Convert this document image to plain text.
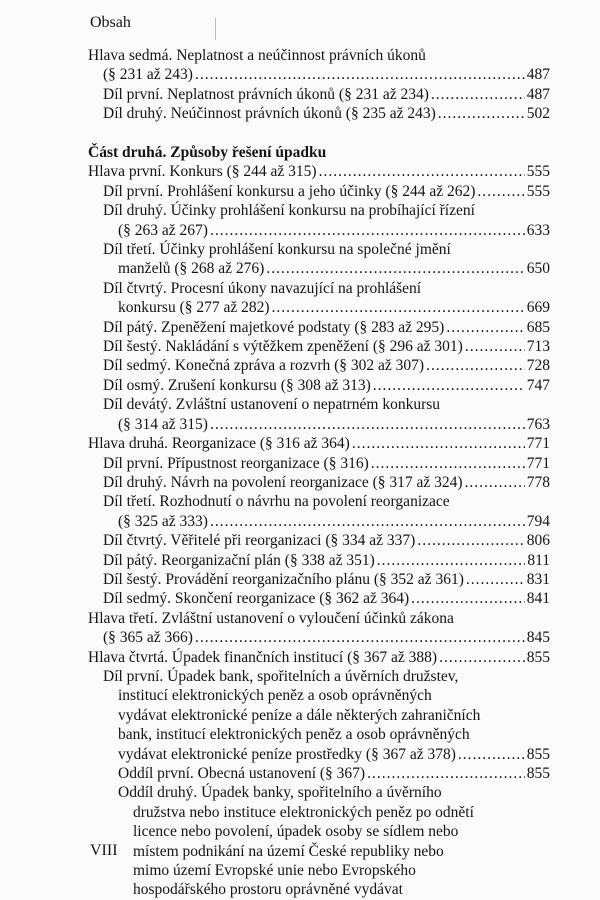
Obsah
Hlava sedmá. Neplatnost a neúčinnost právních úkonů
(§ 231 až 243) .....	487
Díl první. Neplatnost právních úkonů (§ 231 až 234) .....	487
Díl druhý. Neúčinnost právních úkonů (§ 235 až 243) .....	502
Část druhá. Způsoby řešení úpadku
Hlava první. Konkurs (§ 244 až 315) .....	555
Díl první. Prohlášení konkursu a jeho účinky (§ 244 až 262) .....	555
Díl druhý. Účinky prohlášení konkursu na probíhající řízení
(§ 263 až 267) .....	633
Díl třetí. Účinky prohlášení konkursu na společné jmění
manželů (§ 268 až 276) .....	650
Díl čtvrtý. Procesní úkony navazující na prohlášení
konkursu (§ 277 až 282) .....	669
Díl pátý. Zpeněžení majetkové podstaty (§ 283 až 295) .....	685
Díl šestý. Nakládání s výtěžkem zpeněžení (§ 296 až 301) .....	713
Díl sedmý. Konečná zpráva a rozvrh (§ 302 až 307) .....	728
Díl osmý. Zrušení konkursu (§ 308 až 313) .....	747
Díl devátý. Zvláštní ustanovení o nepatrném konkursu
(§ 314 až 315) .....	763
Hlava druhá. Reorganizace (§ 316 až 364) .....	771
Díl první. Přípustnost reorganizace (§ 316) .....	771
Díl druhý. Návrh na povolení reorganizace (§ 317 až 324) .....	778
Díl třetí. Rozhodnutí o návrhu na povolení reorganizace
(§ 325 až 333) .....	794
Díl čtvrtý. Věřitelé při reorganizaci (§ 334 až 337) .....	806
Díl pátý. Reorganizační plán (§ 338 až 351) .....	811
Díl šestý. Provádění reorganizačního plánu (§ 352 až 361) .....	831
Díl sedmý. Skončení reorganizace (§ 362 až 364) .....	841
Hlava třetí. Zvláštní ustanovení o vyloučení účinků zákona
(§ 365 až 366) .....	845
Hlava čtvrtá. Úpadek finančních institucí (§ 367 až 388) .....	855
Díl první. Úpadek bank, spořitelních a úvěrních družstev,
institucí elektronických peněz a osob oprávněných
vydávat elektronické peníze a dále některých zahraničních
bank, institucí elektronických peněz a osob oprávněných
vydávat elektronické peníze prostředky (§ 367 až 378) .....	855
Oddíl první. Obecná ustanovení (§ 367) .....	855
Oddíl druhý. Úpadek banky, spořitelního a úvěrního
družstva nebo instituce elektronických peněz po odnětí
licence nebo povolení, úpadek osoby se sídlem nebo
místem podnikání na území České republiky nebo
mimo území Evropské unie nebo Evropského
hospodářského prostoru oprávněné vydávat
VIII
